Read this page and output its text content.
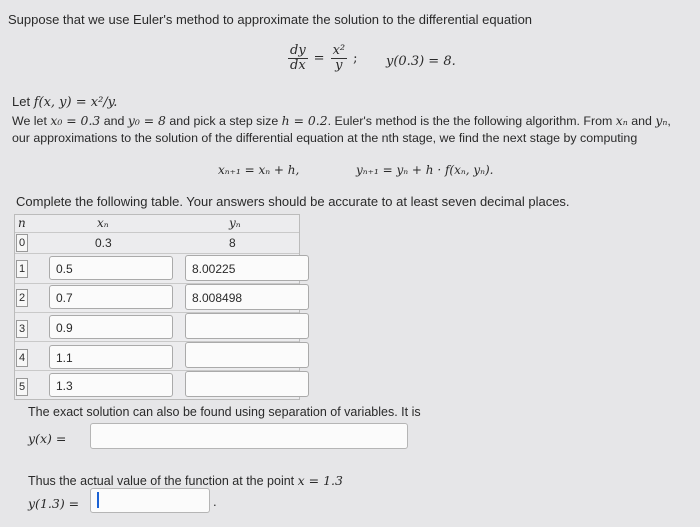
Suppose that we use Euler's method to approximate the solution to the differential equation
$\frac{dy}{dx} = \frac{\text{x²}}{y}$ ; y(0.3) = 8.
Let f(x, y) = x²/y.
We let x₀ = 0.3 and y₀ = 8 and pick a step size h = 0.2. Euler's method is the the following algorithm. From xₙ and yₙ,
our approximations to the solution of the differential equation at the nth stage, we find the next stage by computing
xₙ₊₁ = xₙ + h,	yₙ₊₁ = yₙ + h · f(xₙ, yₙ).
Complete the following table. Your answers should be accurate to at least seven decimal places.
n	xₙ	yₙ
0	0.3	8
1	0.5	8.00225
2	0.7	8.008498
3	0.9
4	1.1
5	1.3
The exact solution can also be found using separation of variables. It is
y(x) =
Thus the actual value of the function at the point x = 1.3
y(1.3) =	.
